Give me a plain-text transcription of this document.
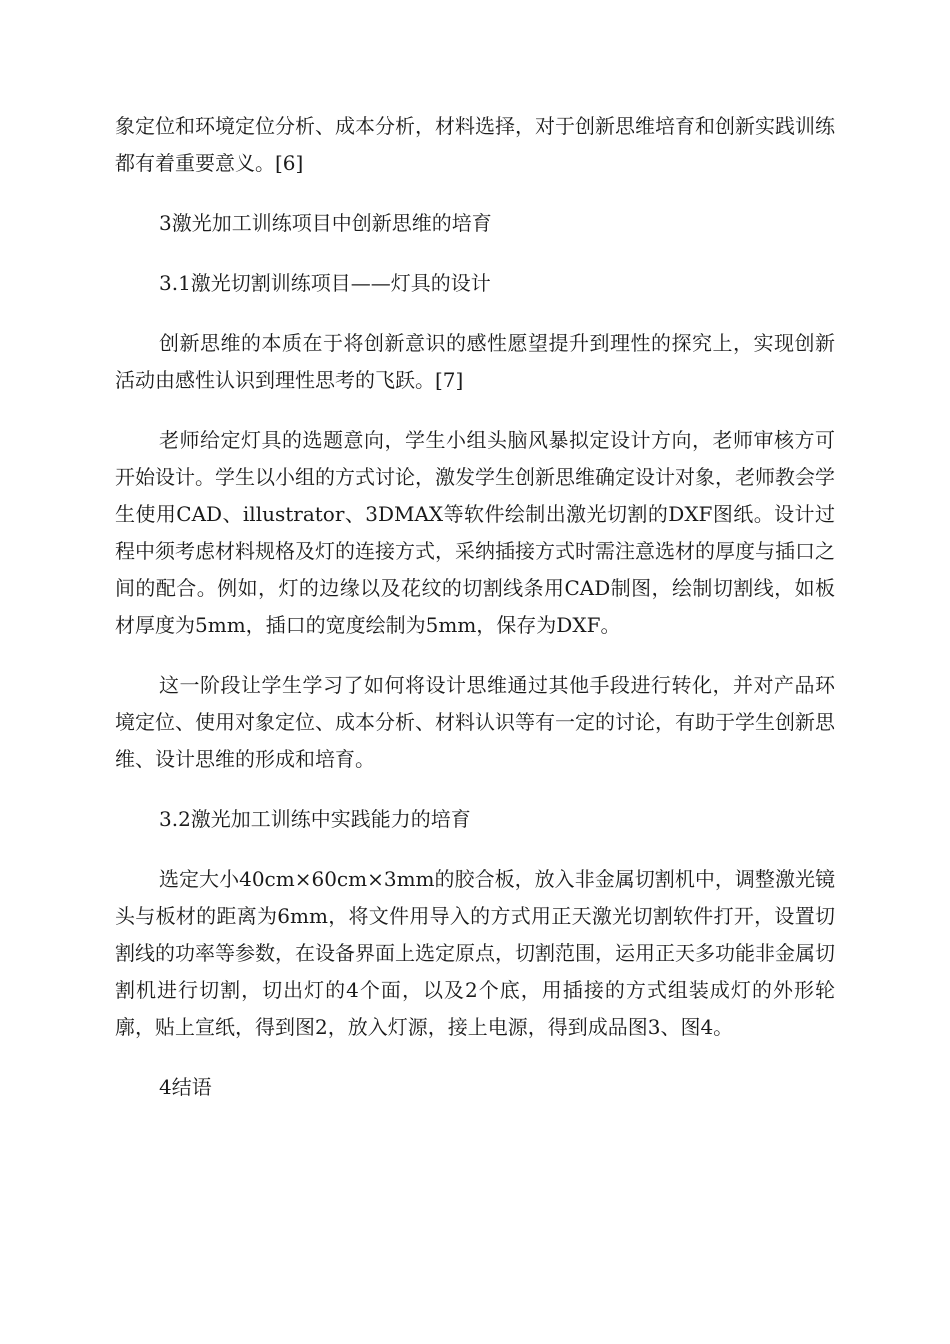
象定位和环境定位分析、成本分析，材料选择，对于创新思维培育和创新实践训练都有着重要意义。[6]

3激光加工训练项目中创新思维的培育

3.1激光切割训练项目——灯具的设计

创新思维的本质在于将创新意识的感性愿望提升到理性的探究上，实现创新活动由感性认识到理性思考的飞跃。[7]

老师给定灯具的选题意向，学生小组头脑风暴拟定设计方向，老师审核方可开始设计。学生以小组的方式讨论，激发学生创新思维确定设计对象，老师教会学生使用CAD、illustrator、3DMAX等软件绘制出激光切割的DXF图纸。设计过程中须考虑材料规格及灯的连接方式，采纳插接方式时需注意选材的厚度与插口之间的配合。例如，灯的边缘以及花纹的切割线条用CAD制图，绘制切割线，如板材厚度为5mm，插口的宽度绘制为5mm，保存为DXF。

这一阶段让学生学习了如何将设计思维通过其他手段进行转化，并对产品环境定位、使用对象定位、成本分析、材料认识等有一定的讨论，有助于学生创新思维、设计思维的形成和培育。

3.2激光加工训练中实践能力的培育

选定大小40cm×60cm×3mm的胶合板，放入非金属切割机中，调整激光镜头与板材的距离为6mm，将文件用导入的方式用正天激光切割软件打开，设置切割线的功率等参数，在设备界面上选定原点，切割范围，运用正天多功能非金属切割机进行切割，切出灯的4个面，以及2个底，用插接的方式组装成灯的外形轮廓，贴上宣纸，得到图2，放入灯源，接上电源，得到成品图3、图4。

4结语
